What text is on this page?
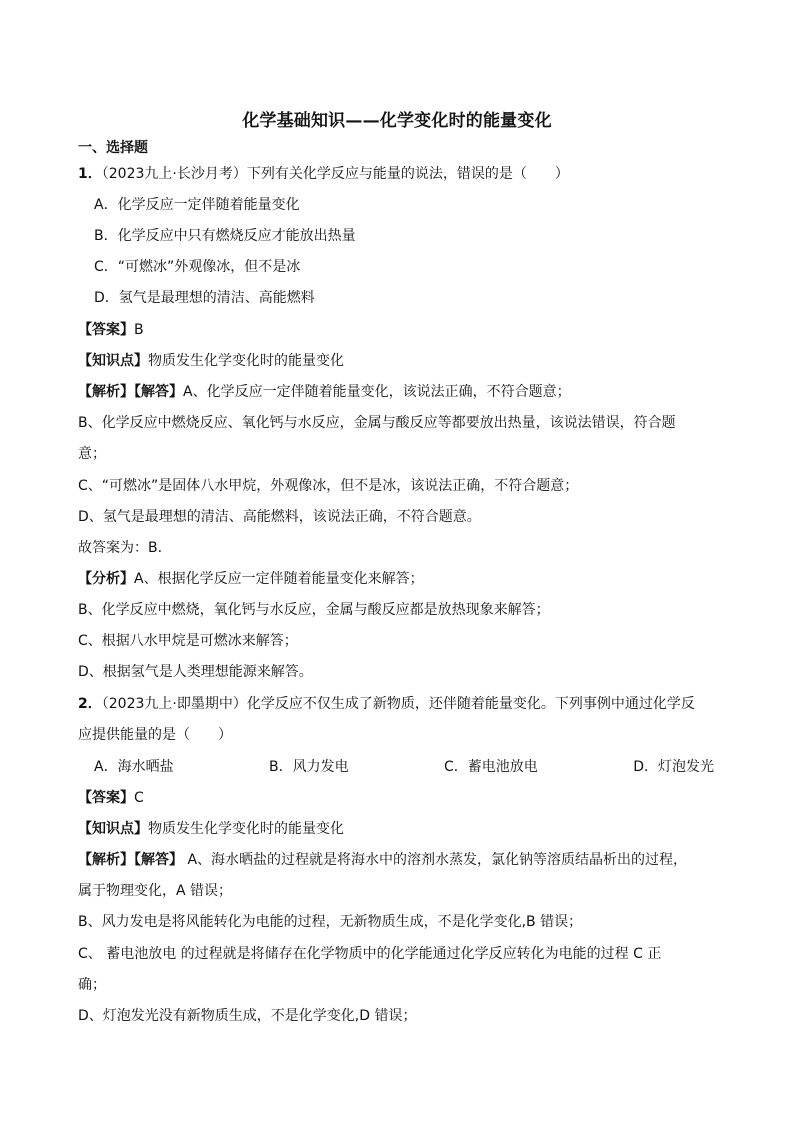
化学基础知识——化学变化时的能量变化
一、选择题
1．（2023九上·长沙月考）下列有关化学反应与能量的说法，错误的是（　　）
A．化学反应一定伴随着能量变化
B．化学反应中只有燃烧反应才能放出热量
C．“可燃冰”外观像冰，但不是冰
D．氢气是最理想的清洁、高能燃料
【答案】B
【知识点】物质发生化学变化时的能量变化
【解析】【解答】A、化学反应一定伴随着能量变化，该说法正确，不符合题意；
B、化学反应中燃烧反应、氧化钙与水反应，金属与酸反应等都要放出热量，该说法错误，符合题
意；
C、“可燃冰”是固体八水甲烷，外观像冰，但不是冰，该说法正确，不符合题意；
D、氢气是最理想的清洁、高能燃料，该说法正确，不符合题意。
故答案为：B.
【分析】A、根据化学反应一定伴随着能量变化来解答；
B、化学反应中燃烧，氧化钙与水反应，金属与酸反应都是放热现象来解答；
C、根据八水甲烷是可燃冰来解答；
D、根据氢气是人类理想能源来解答。
2．（2023九上·即墨期中）化学反应不仅生成了新物质，还伴随着能量变化。下列事例中通过化学反
应提供能量的是（　　）
A．海水晒盐	B．风力发电	C．蓄电池放电	D．灯泡发光
【答案】C
【知识点】物质发生化学变化时的能量变化
【解析】【解答】 A、海水晒盐的过程就是将海水中的溶剂水蒸发，氯化钠等溶质结晶析出的过程，
属于物理变化，A 错误；
B、风力发电是将风能转化为电能的过程，无新物质生成，不是化学变化,B 错误；
C、 蓄电池放电 的过程就是将储存在化学物质中的化学能通过化学反应转化为电能的过程 C 正
确；
D、灯泡发光没有新物质生成，不是化学变化,D 错误；
